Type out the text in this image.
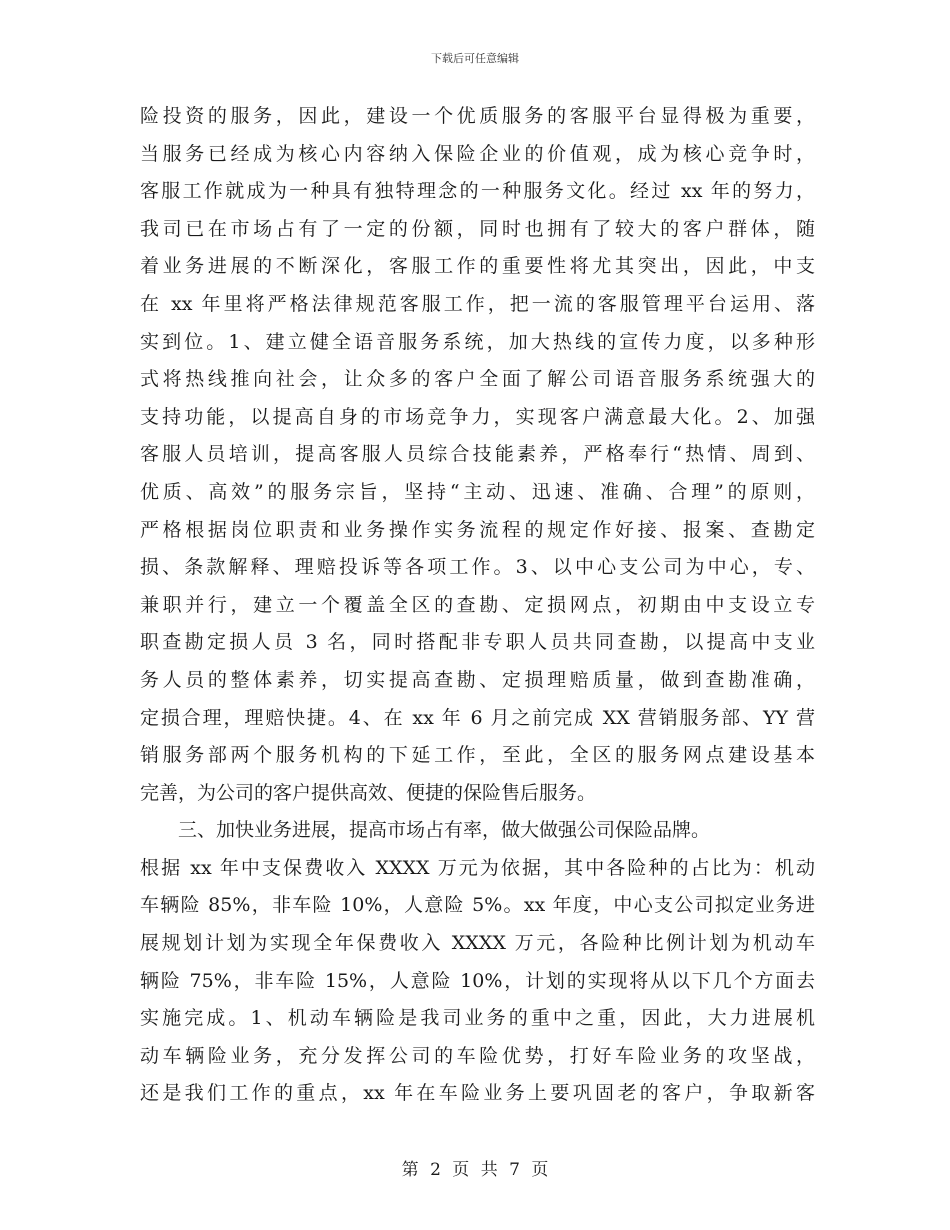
下载后可任意编辑
险投资的服务，因此，建设一个优质服务的客服平台显得极为重要，
当服务已经成为核心内容纳入保险企业的价值观，成为核心竞争时，
客服工作就成为一种具有独特理念的一种服务文化。经过 xx 年的努力，
我司已在市场占有了一定的份额，同时也拥有了较大的客户群体，随
着业务进展的不断深化，客服工作的重要性将尤其突出，因此，中支
在 xx 年里将严格法律规范客服工作，把一流的客服管理平台运用、落
实到位。1、建立健全语音服务系统，加大热线的宣传力度，以多种形
式将热线推向社会，让众多的客户全面了解公司语音服务系统强大的
支持功能，以提高自身的市场竞争力，实现客户满意最大化。2、加强
客服人员培训，提高客服人员综合技能素养，严格奉行“热情、周到、
优质、高效”的服务宗旨，坚持“主动、迅速、准确、合理”的原则，
严格根据岗位职责和业务操作实务流程的规定作好接、报案、查勘定
损、条款解释、理赔投诉等各项工作。3、以中心支公司为中心，专、
兼职并行，建立一个覆盖全区的查勘、定损网点，初期由中支设立专
职查勘定损人员 3 名，同时搭配非专职人员共同查勘，以提高中支业
务人员的整体素养，切实提高查勘、定损理赔质量，做到查勘准确，
定损合理，理赔快捷。4、在 xx 年 6 月之前完成 XX 营销服务部、YY 营
销服务部两个服务机构的下延工作，至此，全区的服务网点建设基本
完善，为公司的客户提供高效、便捷的保险售后服务。
三、加快业务进展，提高市场占有率，做大做强公司保险品牌。
根据 xx 年中支保费收入 XXXX 万元为依据，其中各险种的占比为：机动
车辆险 85%，非车险 10%，人意险 5%。xx 年度，中心支公司拟定业务进
展规划计划为实现全年保费收入 XXXX 万元，各险种比例计划为机动车
辆险 75%，非车险 15%，人意险 10%，计划的实现将从以下几个方面去
实施完成。1、机动车辆险是我司业务的重中之重，因此，大力进展机
动车辆险业务，充分发挥公司的车险优势，打好车险业务的攻坚战，
还是我们工作的重点，xx 年在车险业务上要巩固老的客户，争取新客
第 2 页 共 7 页
